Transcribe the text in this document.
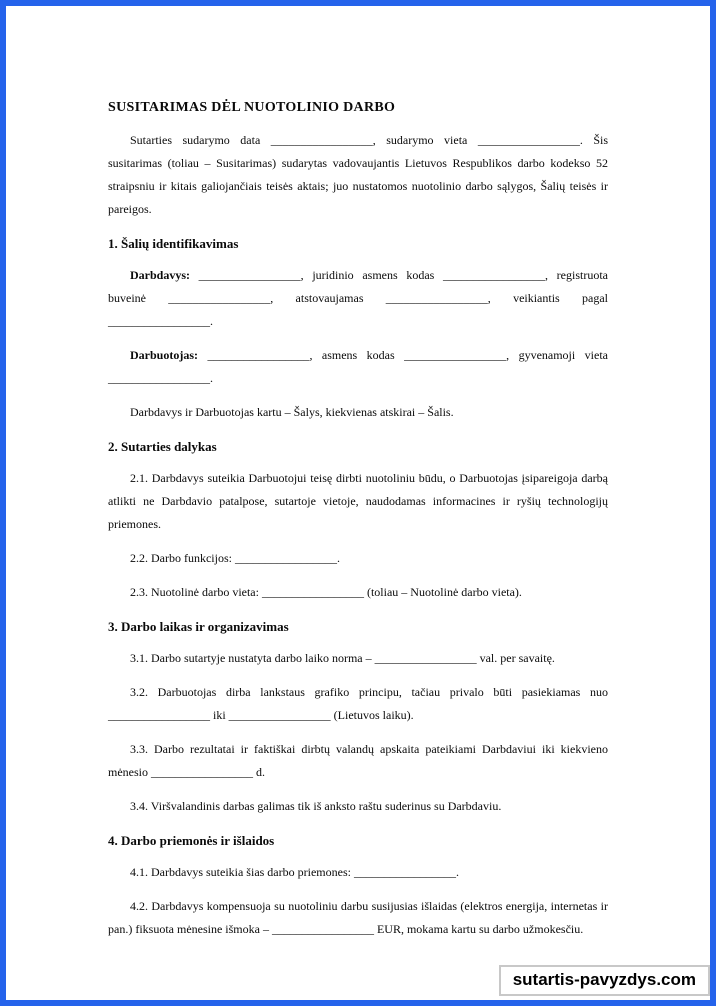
SUSITARIMAS DĖL NUOTOLINIO DARBO

Sutarties sudarymo data _________________, sudarymo vieta _________________. Šis susitarimas (toliau – Susitarimas) sudarytas vadovaujantis Lietuvos Respublikos darbo kodekso 52 straipsniu ir kitais galiojančiais teisės aktais; juo nustatomos nuotolinio darbo sąlygos, Šalių teisės ir pareigos.

1. Šalių identifikavimas

Darbdavys: _________________, juridinio asmens kodas _________________, registruota buveinė _________________, atstovaujamas _________________, veikiantis pagal _________________.

Darbuotojas: _________________, asmens kodas _________________, gyvenamoji vieta _________________.

Darbdavys ir Darbuotojas kartu – Šalys, kiekvienas atskirai – Šalis.

2. Sutarties dalykas

2.1. Darbdavys suteikia Darbuotojui teisę dirbti nuotoliniu būdu, o Darbuotojas įsipareigoja darbą atlikti ne Darbdavio patalpose, sutartoje vietoje, naudodamas informacines ir ryšių technologijų priemones.

2.2. Darbo funkcijos: _________________.

2.3. Nuotolinė darbo vieta: _________________ (toliau – Nuotolinė darbo vieta).

3. Darbo laikas ir organizavimas

3.1. Darbo sutartyje nustatyta darbo laiko norma – _________________ val. per savaitę.

3.2. Darbuotojas dirba lankstaus grafiko principu, tačiau privalo būti pasiekiamas nuo _________________ iki _________________ (Lietuvos laiku).

3.3. Darbo rezultatai ir faktiškai dirbtų valandų apskaita pateikiami Darbdaviui iki kiekvieno mėnesio _________________ d.

3.4. Viršvalandinis darbas galimas tik iš anksto raštu suderinus su Darbdaviu.

4. Darbo priemonės ir išlaidos

4.1. Darbdavys suteikia šias darbo priemones: _________________.

4.2. Darbdavys kompensuoja su nuotoliniu darbu susijusias išlaidas (elektros energija, internetas ir pan.) fiksuota mėnesine išmoka – _________________ EUR, mokama kartu su darbo užmokesčiu.

sutartis-pavyzdys.com
